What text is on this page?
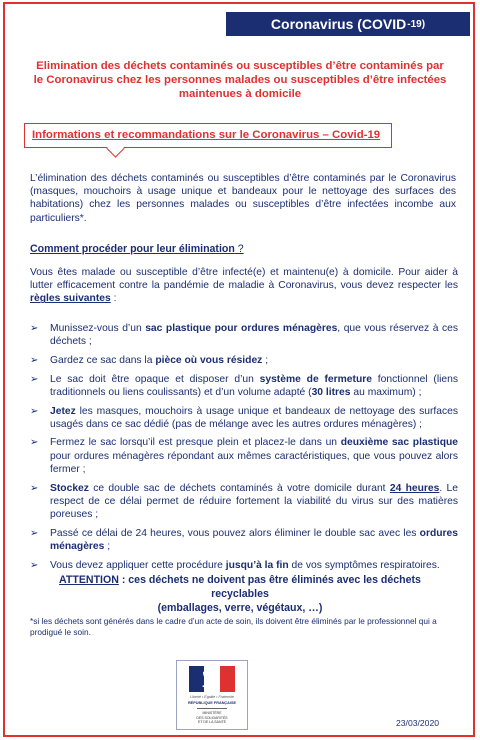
Coronavirus (COVID -19)
Elimination des déchets contaminés ou susceptibles d’être contaminés par le Coronavirus chez les personnes malades ou susceptibles d’être infectées maintenues à domicile
Informations et recommandations sur le Coronavirus – Covid-19
L’élimination des déchets contaminés ou susceptibles d’être contaminés par le Coronavirus (masques, mouchoirs à usage unique et bandeaux pour le nettoyage des surfaces des habitations) chez les personnes malades ou susceptibles d’être infectées incombe aux particuliers*.
Comment procéder pour leur élimination ?
Vous êtes malade ou susceptible d’être infecté(e) et maintenu(e) à domicile. Pour aider à lutter efficacement contre la pandémie de maladie à Coronavirus, vous devez respecter les règles suivantes :
➢ Munissez-vous d’un sac plastique pour ordures ménagères, que vous réservez à ces déchets ;
➢ Gardez ce sac dans la pièce où vous résidez ;
➢ Le sac doit être opaque et disposer d’un système de fermeture fonctionnel (liens traditionnels ou liens coulissants) et d’un volume adapté (30 litres au maximum) ;
➢ Jetez les masques, mouchoirs à usage unique et bandeaux de nettoyage des surfaces usagés dans ce sac dédié (pas de mélange avec les autres ordures ménagères) ;
➢ Fermez le sac lorsqu’il est presque plein et placez-le dans un deuxième sac plastique pour ordures ménagères répondant aux mêmes caractéristiques, que vous pouvez alors fermer ;
➢ Stockez ce double sac de déchets contaminés à votre domicile durant 24 heures. Le respect de ce délai permet de réduire fortement la viabilité du virus sur des matières poreuses ;
➢ Passé ce délai de 24 heures, vous pouvez alors éliminer le double sac avec les ordures ménagères ;
➢ Vous devez appliquer cette procédure jusqu’à la fin de vos symptômes respiratoires.
ATTENTION : ces déchets ne doivent pas être éliminés avec les déchets recyclables
(emballages, verre, végétaux, …)
*si les déchets sont générés dans le cadre d’un acte de soin, ils doivent être éliminés par le professionnel qui a prodigué le soin.
Liberté • Égalité • Fraternité
RÉPUBLIQUE FRANÇAISE
MINISTÈRE
DES SOLIDARITÉS
ET DE LA SANTÉ	23/03/2020
